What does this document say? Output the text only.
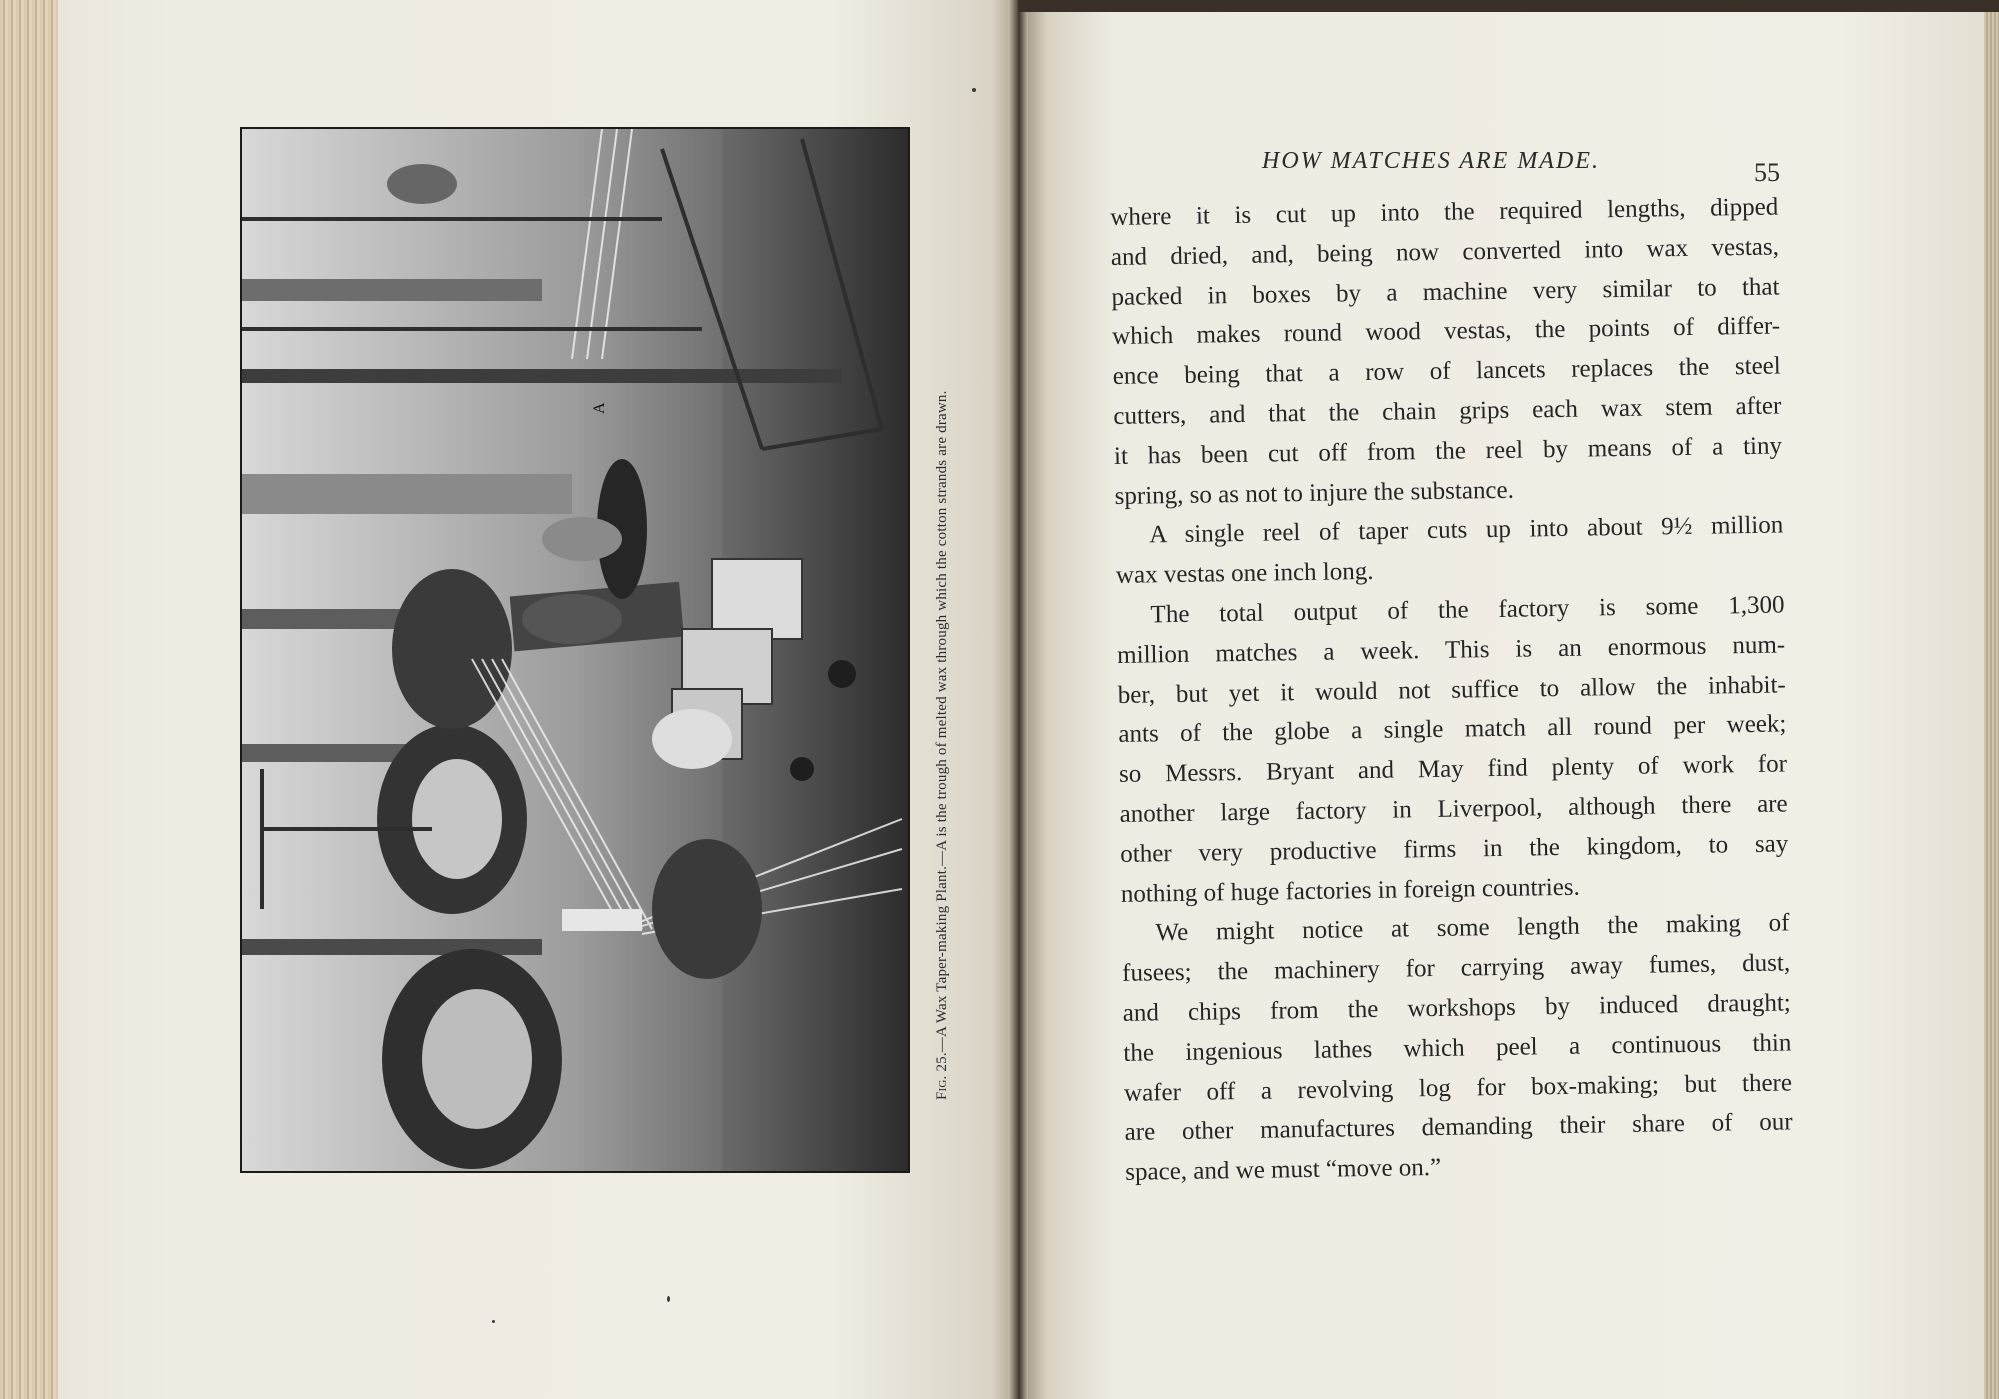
A
Fig. 25.—A Wax Taper-making Plant.—A is the trough of melted wax through which the cotton strands are drawn.
HOW MATCHES ARE MADE.	55
where it is cut up into the required lengths, dipped
and dried, and, being now converted into wax vestas,
packed in boxes by a machine very similar to that
which makes round wood vestas, the points of differ-
ence being that a row of lancets replaces the steel
cutters, and that the chain grips each wax stem after
it has been cut off from the reel by means of a tiny
spring, so as not to injure the substance.
A single reel of taper cuts up into about 9½ million
wax vestas one inch long.
The total output of the factory is some 1,300
million matches a week. This is an enormous num-
ber, but yet it would not suffice to allow the inhabit-
ants of the globe a single match all round per week;
so Messrs. Bryant and May find plenty of work for
another large factory in Liverpool, although there are
other very productive firms in the kingdom, to say
nothing of huge factories in foreign countries.
We might notice at some length the making of
fusees; the machinery for carrying away fumes, dust,
and chips from the workshops by induced draught;
the ingenious lathes which peel a continuous thin
wafer off a revolving log for box-making; but there
are other manufactures demanding their share of our
space, and we must “move on.”
